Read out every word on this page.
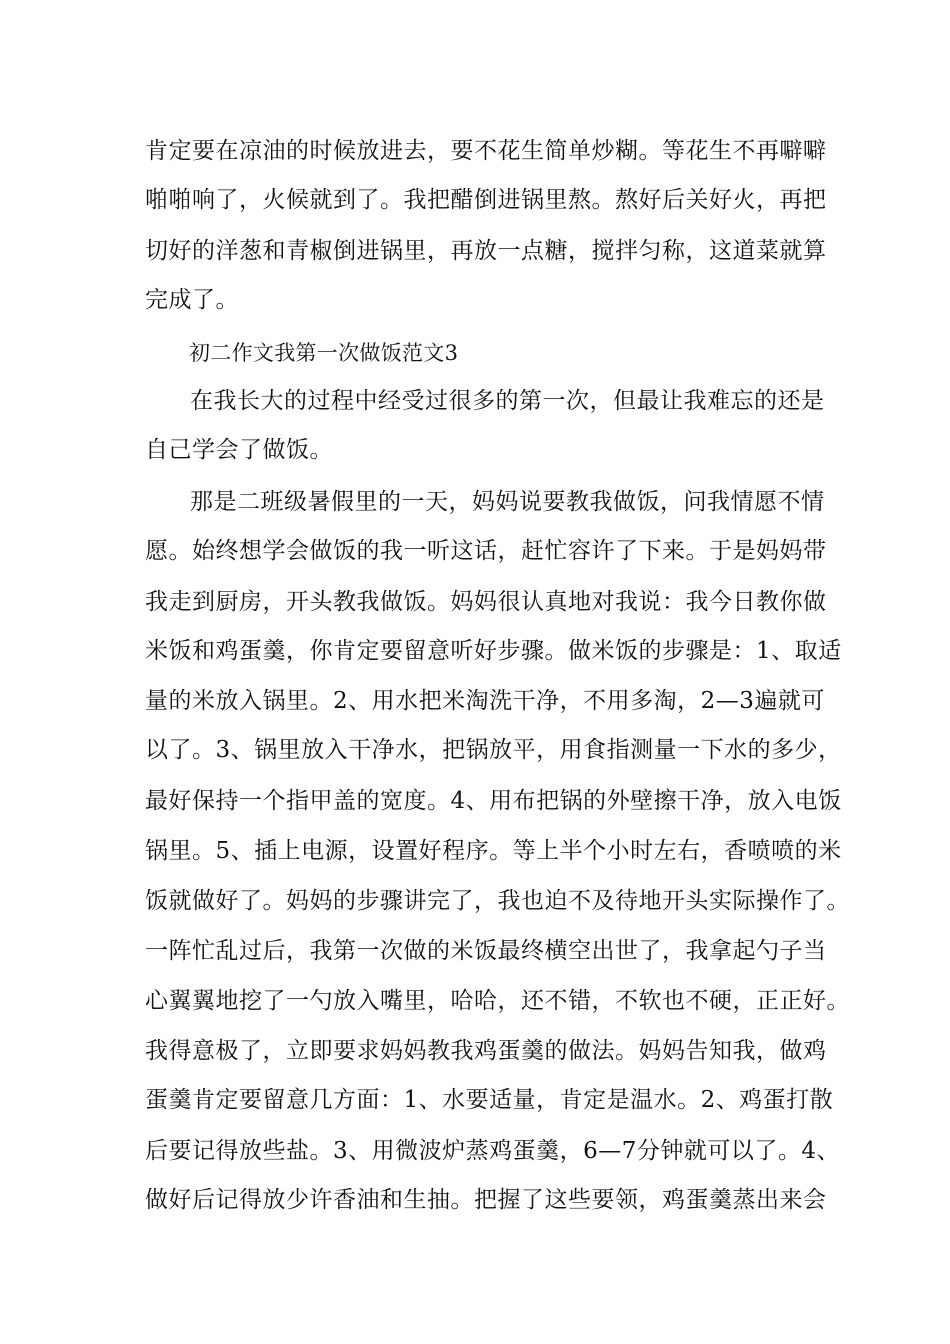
肯定要在凉油的时候放进去，要不花生简单炒糊。等花生不再噼噼
啪啪响了，火候就到了。我把醋倒进锅里熬。熬好后关好火，再把
切好的洋葱和青椒倒进锅里，再放一点糖，搅拌匀称，这道菜就算
完成了。
初二作文我第一次做饭范文3
在我长大的过程中经受过很多的第一次，但最让我难忘的还是
自己学会了做饭。
那是二班级暑假里的一天，妈妈说要教我做饭，问我情愿不情
愿。始终想学会做饭的我一听这话，赶忙容许了下来。于是妈妈带
我走到厨房，开头教我做饭。妈妈很认真地对我说：我今日教你做
米饭和鸡蛋羹，你肯定要留意听好步骤。做米饭的步骤是：1、取适
量的米放入锅里。2、用水把米淘洗干净，不用多淘，2—3遍就可
以了。3、锅里放入干净水，把锅放平，用食指测量一下水的多少，
最好保持一个指甲盖的宽度。4、用布把锅的外壁擦干净，放入电饭
锅里。5、插上电源，设置好程序。等上半个小时左右，香喷喷的米
饭就做好了。妈妈的步骤讲完了，我也迫不及待地开头实际操作了。
一阵忙乱过后，我第一次做的米饭最终横空出世了，我拿起勺子当
心翼翼地挖了一勺放入嘴里，哈哈，还不错，不软也不硬，正正好。
我得意极了，立即要求妈妈教我鸡蛋羹的做法。妈妈告知我，做鸡
蛋羹肯定要留意几方面：1、水要适量，肯定是温水。2、鸡蛋打散
后要记得放些盐。3、用微波炉蒸鸡蛋羹，6—7分钟就可以了。4、
做好后记得放少许香油和生抽。把握了这些要领，鸡蛋羹蒸出来会
